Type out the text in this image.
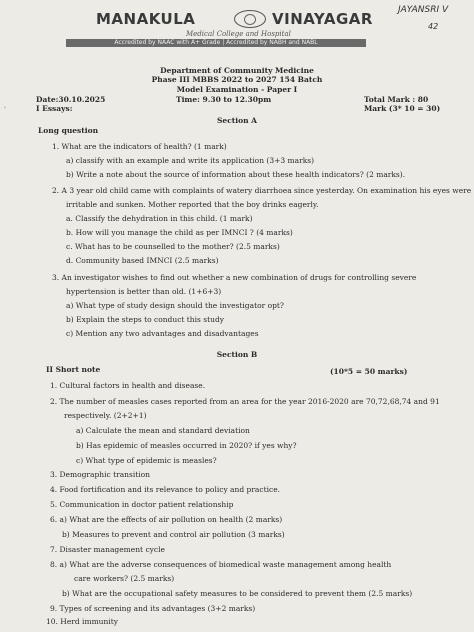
MANAKULA	VINAYAGAR
Medical College and Hospital
Accredited by NAAC with A+ Grade | Accredited by NABH and NABL
JAYANSRI V
42
Department of Community Medicine
Phase III MBBS 2022 to 2027 154 Batch
Model Examination - Paper I
Date:30.10.2025	Time: 9.30 to 12.30pm	Total Mark : 80
I Essays:	Mark (3* 10 = 30)
'
Section A
Long question
1. What are the indicators of health? (1 mark)
a) classify with an example and write its application (3+3 marks)
b) Write a note about the source of information about these health indicators? (2 marks).
2. A 3 year old child came with complaints of watery diarrhoea since yesterday. On examination his eyes were
irritable and sunken. Mother reported that the boy drinks eagerly.
a. Classify the dehydration in this child. (1 mark)
b. How will you manage the child as per IMNCI ? (4 marks)
c. What has to be counselled to the mother? (2.5 marks)
d. Community based IMNCI (2.5 marks)
3. An investigator wishes to find out whether a new combination of drugs for controlling severe
hypertension is better than old. (1+6+3)
a) What type of study design should the investigator opt?
b) Explain the steps to conduct this study
c) Mention any two advantages and disadvantages
Section B
II Short note	(10*5 = 50 marks)
1. Cultural factors in health and disease.
2. The number of measles cases reported from an area for the year 2016-2020 are 70,72,68,74 and 91
respectively. (2+2+1)
a) Calculate the mean and standard deviation
b) Has epidemic of measles occurred in 2020? if yes why?
c) What type of epidemic is measles?
3. Demographic transition
4. Food fortification and its relevance to policy and practice.
5. Communication in doctor patient relationship
6. a) What are the effects of air pollution on health (2 marks)
b) Measures to prevent and control air pollution (3 marks)
7. Disaster management cycle
8. a) What are the adverse consequences of biomedical waste management among health
care workers? (2.5 marks)
b) What are the occupational safety measures to be considered to prevent them (2.5 marks)
9. Types of screening and its advantages (3+2 marks)
10. Herd immunity
